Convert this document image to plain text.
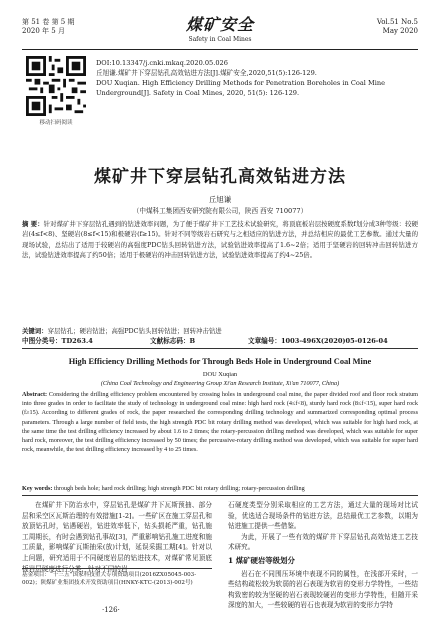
第 51 卷 第 5 期
2020 年 5 月	煤矿安全
Safety in Coal Mines
Vol.51 No.5
May 2020
移动扫码阅读
DOI:10.13347/j.cnki.mkaq.2020.05.026
丘旭谦.煤矿井下穿层钻孔高效钻进方法[J].煤矿安全,2020,51(5):126-129.
DOU Xuqian. High Efficiency Drilling Methods for Penetration Boreholes in Coal Mine Underground[J]. Safety in Coal Mines, 2020, 51(5): 126-129.
煤矿井下穿层钻孔高效钻进方法
丘旭谦
（中煤科工集团西安研究院有限公司，陕西 西安 710077）
摘 要：针对煤矿井下穿层钻孔遇到的钻进效率问题，为了便于煤矿井下工艺技术试验研究，将顶底板岩层按硬度系数f划分成3种等级：较硬岩(4≤f<8)、坚硬岩(8≤f<15)和极硬岩(f≥15)。针对不同等级岩石研究与之相适应的钻进方法，并总结相应的最优工艺参数。通过大量的现场试验，总结出了适用于较硬岩的高强度PDC钻头回转钻进方法，试验钻进效率提高了1.6~2倍；适用于坚硬岩的回转冲击回转钻进方法，试验钻进效率提高了约50倍；适用于极硬岩的冲击回转钻进方法，试验钻进效率提高了约4~25倍。
关键词：穿层钻孔；硬岩钻进；高强PDC钻头回转钻进；回转冲击钻进
中图分类号：TD263.4	文献标志码：B	文章编号：1003-496X(2020)05-0126-04

High Efficiency Drilling Methods for Through Beds Hole in Underground Coal Mine
DOU Xuqian
(China Coal Technology and Engineering Group Xi'an Research Institute, Xi'an 710077, China)
Abstract: Considering the drilling efficiency problem encountered by crossing holes in underground coal mine, the paper divided roof and floor rock stratum into three grades in order to facilitate the study of technology in underground coal mine: high hard rock (4≤f<8), sturdy hard rock (8≤f<15), super hard rock (f≥15). According to different grades of rock, the paper researched the corresponding drilling technology and summarized corresponding optimal process parameters. Through a large number of field tests, the high strength PDC bit rotary drilling method was developed, which was suitable for high hard rock, at the same time the test drilling efficiency increased by about 1.6 to 2 times; the rotary-percussion drilling method was developed, which was suitable for super hard rock, moreover, the test drilling efficiency increased by 50 times; the percussive-rotary drilling method was developed, which was suitable for super hard rock, meanwhile, the test drilling efficiency increased by 4 to 25 times.
Key words: through beds hole; hard rock drilling; high strength PDC bit rotary drilling; rotary-percussion drilling
在煤矿井下防治水中，穿层钻孔是煤矿井下瓦斯预抽、部分层和采空区瓦斯治理的有效措施[1-2]。一些矿区在施工穿层孔和放顶钻孔时，钻遇硬岩，钻进效率低下，钻头损耗严重，钻孔施工周期长，有时会遇到钻孔事故[3]，严重影响钻孔施工进度和施工质量，影响煤矿瓦斯抽采(放)计划，延误采掘工期[4]。针对以上问题，研究适用于不同硬度岩层的钻进技术，对煤矿常见顶底板岩层硬度进行分类，针对不同的岩
基金项目：“十三五”国家科技重大专项资助项目(2016ZX05045-003-002)；陕煤矿业集团技术开发资助项目(HNKY-KTC-(2013)-002号)
石硬度类型分别采取相应的工艺方法，通过大量的现场对比试验，优选适合现场条件的钻进方法，总结最优工艺参数，以期为钻进施工提供一些借鉴。
为此，开展了一些有效的煤矿井下穿层钻孔高效钻进工艺技术研究。
1 煤矿硬岩等级划分
岩石在不同围压环境中表现不同的属性，在浅部开采时，一些结构疏松较为软弱的岩石表现为软岩的变形力学特性，一些结构致密的较为坚硬的岩石表现较硬岩的变形力学特性，但随开采深度的加大，一些较硬的岩石也表现为软岩的变形力学特
·126·
